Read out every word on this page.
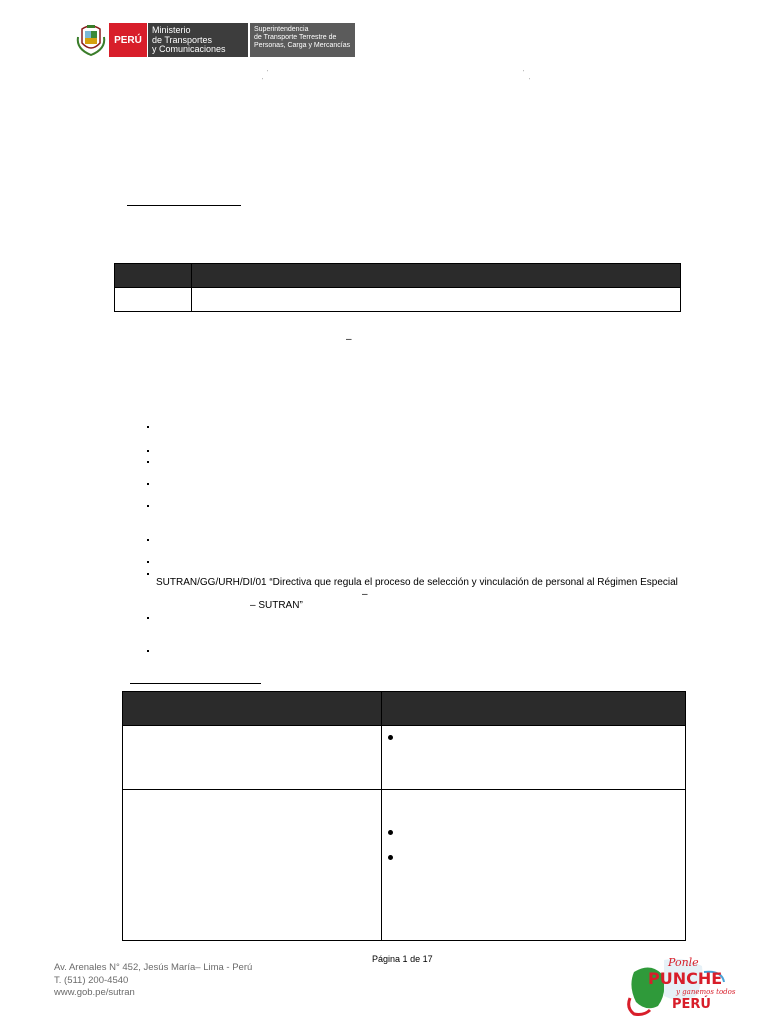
PERÚ
Ministerio
de Transportes
y Comunicaciones
Superintendencia
de Transporte Terrestre de
Personas, Carga y Mercancías
˙
˙
˙
˙

–
SUTRAN/GG/URH/DI/01 “Directiva que regula el proceso de selección y vinculación de personal al Régimen Especial
–
– SUTRAN”

Página 1 de 17
Av. Arenales N° 452, Jesús María– Lima - Perú
T. (511) 200-4540
www.gob.pe/sutran
Ponle
PUNCHE
y ganemos todos
PERÚ
